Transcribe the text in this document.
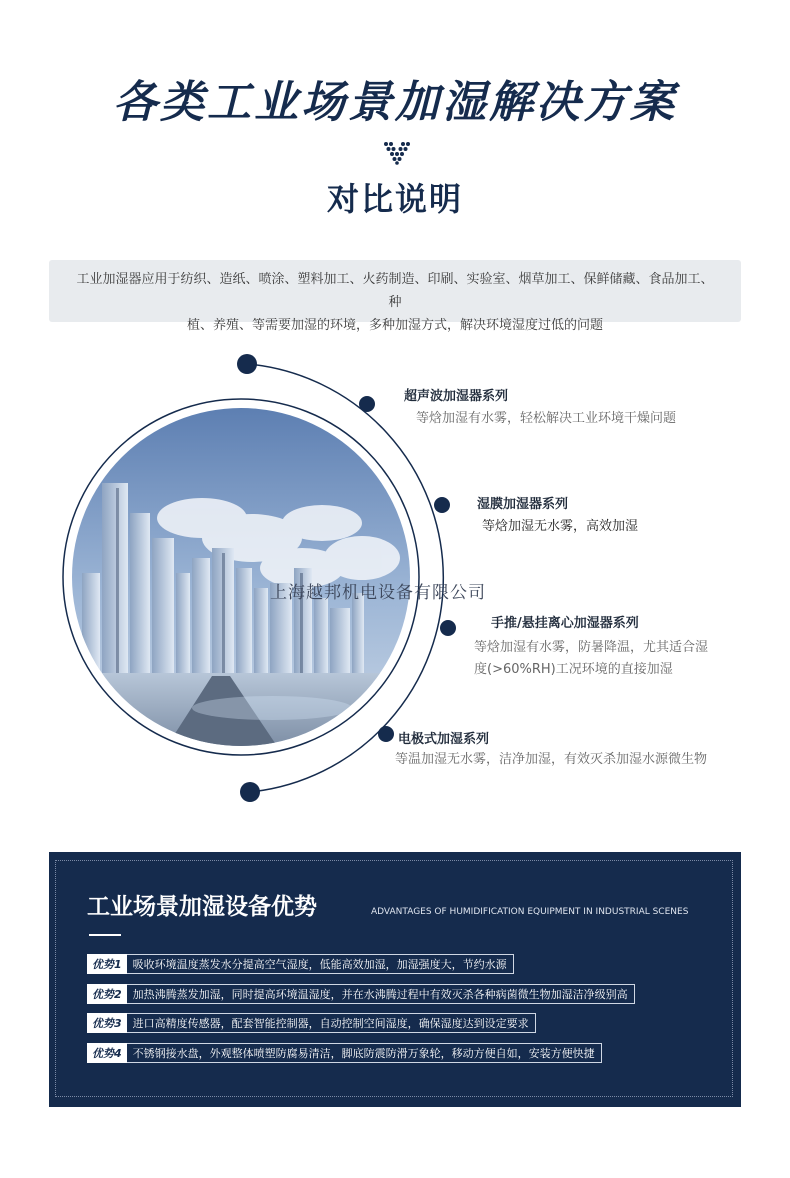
各类工业场景加湿解决方案
对比说明
工业加湿器应用于纺织、造纸、喷涂、塑料加工、火药制造、印刷、实验室、烟草加工、保鲜储藏、食品加工、种
植、养殖、等需要加湿的环境，多种加湿方式，解决环境湿度过低的问题
上海越邦机电设备有限公司
超声波加湿器系列
等焓加湿有水雾，轻松解决工业环境干燥问题
湿膜加湿器系列
等焓加湿无水雾，高效加湿
手推/悬挂离心加湿器系列
等焓加湿有水雾，防暑降温，尤其适合湿
度(>60%RH)工况环境的直接加湿
电极式加湿系列
等温加湿无水雾，洁净加湿，有效灭杀加湿水源微生物
工业场景加湿设备优势	ADVANTAGES OF HUMIDIFICATION EQUIPMENT IN INDUSTRIAL SCENES
优势1	吸收环境温度蒸发水分提高空气湿度，低能高效加湿，加湿强度大，节约水源
优势2	加热沸腾蒸发加湿，同时提高环境温湿度，并在水沸腾过程中有效灭杀各种病菌微生物加湿洁净级别高
优势3	进口高精度传感器，配套智能控制器，自动控制空间湿度，确保湿度达到设定要求
优势4	不锈钢接水盘，外观整体喷塑防腐易清洁，脚底防震防滑万象轮，移动方便自如，安装方便快捷
